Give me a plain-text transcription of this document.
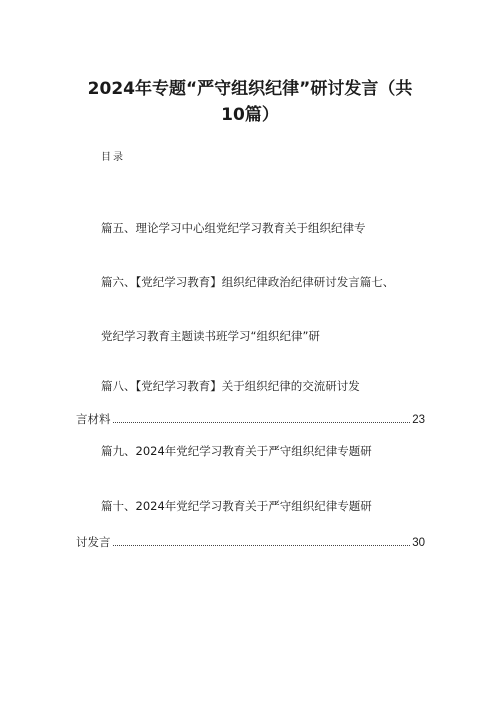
2024年专题“严守组织纪律”研讨发言（共
10篇）
目录
篇五、理论学习中心组党纪学习教育关于组织纪律专
篇六、【党纪学习教育】组织纪律政治纪律研讨发言篇七、
党纪学习教育主题读书班学习“组织纪律”研
篇八、【党纪学习教育】关于组织纪律的交流研讨发
言材料	23
篇九、2024年党纪学习教育关于严守组织纪律专题研
篇十、2024年党纪学习教育关于严守组织纪律专题研
讨发言	30
